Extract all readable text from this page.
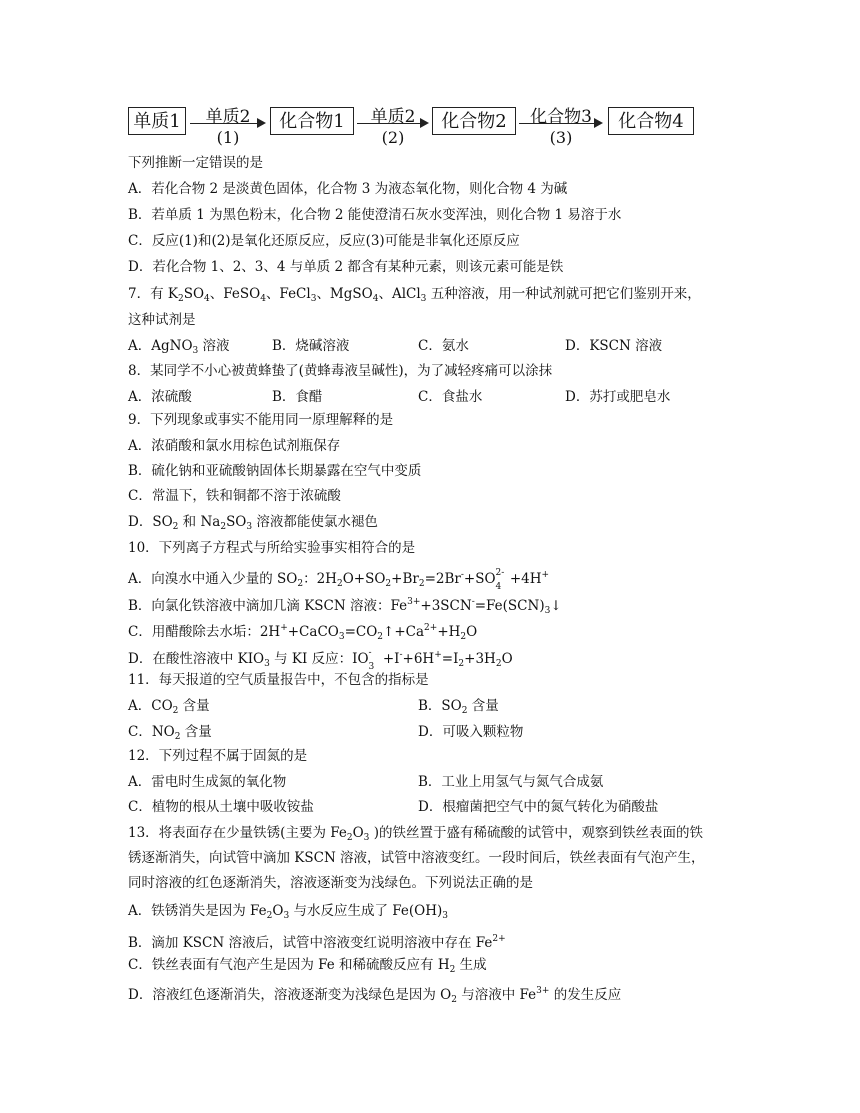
单质1	单质2
(1)
化合物1	单质2
(2)
化合物2	化合物3
(3)
化合物4
下列推断一定错误的是
A．若化合物 2 是淡黄色固体，化合物 3 为液态氧化物，则化合物 4 为碱
B．若单质 1 为黑色粉末，化合物 2 能使澄清石灰水变浑浊，则化合物 1 易溶于水
C．反应(1)和(2)是氧化还原反应，反应(3)可能是非氧化还原反应
D．若化合物 1、2、3、4 与单质 2 都含有某种元素，则该元素可能是铁
7．有 $K_2SO_4$、FeSO$_4$、FeCl$_3$、MgSO$_4$、AlCl$_3$ 五种溶液，用一种试剂就可把它们鉴别开来，
这种试剂是
A．AgNO$_3$ 溶液	B．烧碱溶液	C．氨水	D．KSCN 溶液
8．某同学不小心被黄蜂蛰了(黄蜂毒液呈碱性)，为了减轻疼痛可以涂抹
A．浓硫酸	B．食醋	C．食盐水	D．苏打或肥皂水
9．下列现象或事实不能用同一原理解释的是
A．浓硝酸和氯水用棕色试剂瓶保存
B．硫化钠和亚硫酸钠固体长期暴露在空气中变质
C．常温下，铁和铜都不溶于浓硫酸
D．$SO_2$ 和 $Na_2SO_3$ 溶液都能使氯水褪色
10．下列离子方程式与所给实验事实相符合的是
A．向溴水中通入少量的 $SO_2$：$2H_2O+SO_2+Br_2=2Br^-+SO$ 2-
4 +4H+
B．向氯化铁溶液中滴加几滴 KSCN 溶液：$Fe^{3+}+3SCN^-=Fe(SCN)_3↓$
C．用醋酸除去水垢：$2H^++CaCO_3=CO_2↑+Ca^{2+}+H_2O$
D．在酸性溶液中 $KIO_3$ 与 KI 反应：IO -
$3 +I^-+6H^+=I_2+3H_2O$
11．每天报道的空气质量报告中，不包含的指标是
A．$CO_2$ 含量	B．$SO_2$ 含量
C．$NO_2$ 含量	D．可吸入颗粒物
12．下列过程不属于固氮的是
A．雷电时生成氮的氧化物	B．工业上用氢气与氮气合成氨
C．植物的根从土壤中吸收铵盐	D．根瘤菌把空气中的氮气转化为硝酸盐
13．将表面存在少量铁锈(主要为 $Fe_2O_3$ )的铁丝置于盛有稀硫酸的试管中，观察到铁丝表面的铁
锈逐渐消失，向试管中滴加 KSCN 溶液，试管中溶液变红。一段时间后，铁丝表面有气泡产生，
同时溶液的红色逐渐消失，溶液逐渐变为浅绿色。下列说法正确的是
A．铁锈消失是因为 $Fe_2O_3$ 与水反应生成了 $Fe(OH)_3$
B．滴加 KSCN 溶液后，试管中溶液变红说明溶液中存在 $Fe^{2+}$
C．铁丝表面有气泡产生是因为 Fe 和稀硫酸反应有 $H_2$ 生成
D．溶液红色逐渐消失，溶液逐渐变为浅绿色是因为 $O_2$ 与溶液中 $Fe^{3+}$ 的发生反应
